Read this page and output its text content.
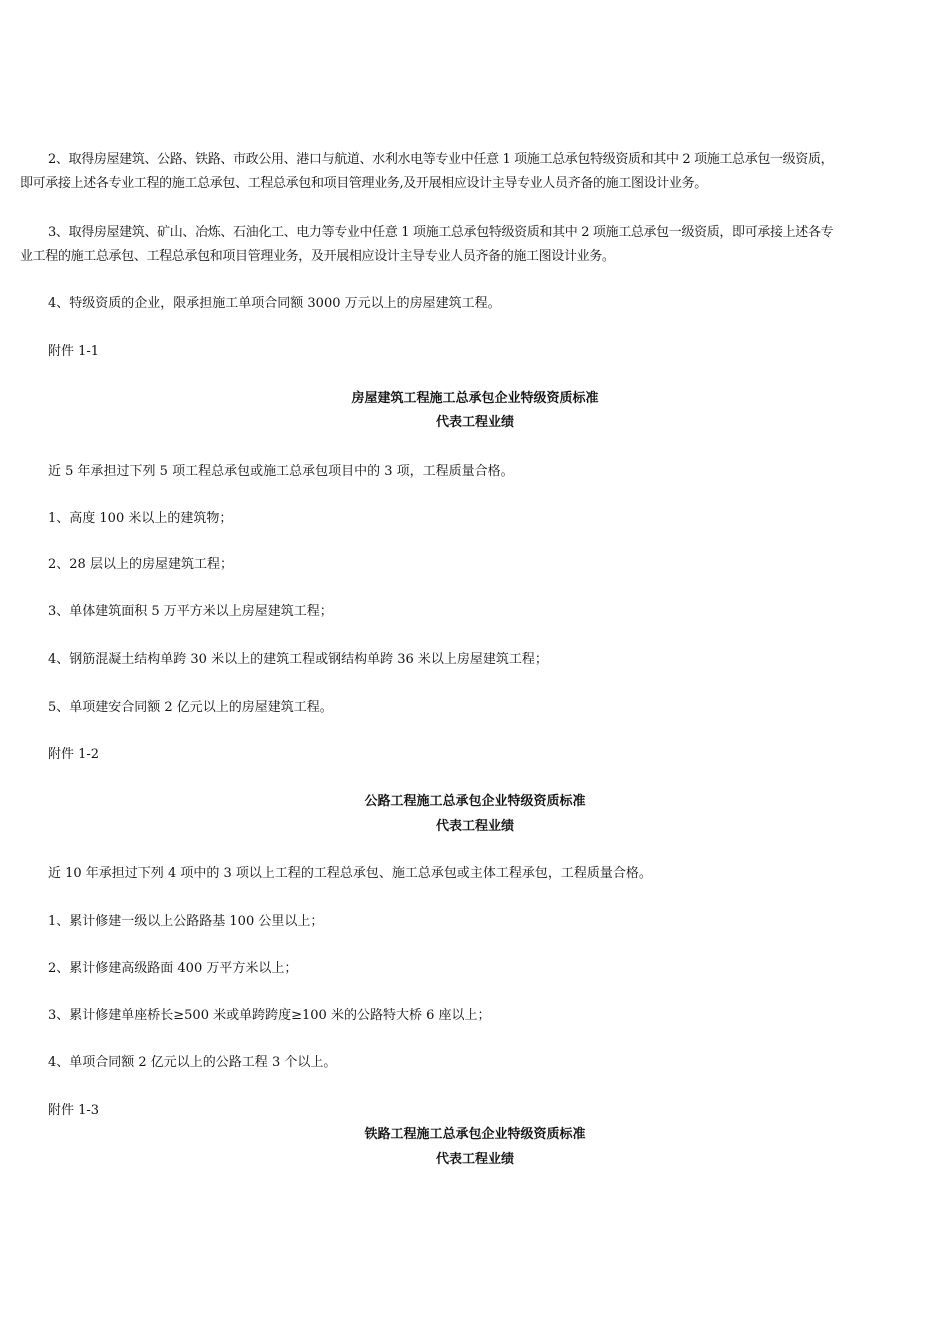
2、取得房屋建筑、公路、铁路、市政公用、港口与航道、水利水电等专业中任意 1 项施工总承包特级资质和其中 2 项施工总承包一级资质，
即可承接上述各专业工程的施工总承包、工程总承包和项目管理业务,及开展相应设计主导专业人员齐备的施工图设计业务。
3、取得房屋建筑、矿山、冶炼、石油化工、电力等专业中任意 1 项施工总承包特级资质和其中 2 项施工总承包一级资质，即可承接上述各专
业工程的施工总承包、工程总承包和项目管理业务，及开展相应设计主导专业人员齐备的施工图设计业务。
4、特级资质的企业，限承担施工单项合同额 3000 万元以上的房屋建筑工程。
附件 1-1
房屋建筑工程施工总承包企业特级资质标准
代表工程业绩
近 5 年承担过下列 5 项工程总承包或施工总承包项目中的 3 项，工程质量合格。
1、高度 100 米以上的建筑物；
2、28 层以上的房屋建筑工程；
3、单体建筑面积 5 万平方米以上房屋建筑工程；
4、钢筋混凝土结构单跨 30 米以上的建筑工程或钢结构单跨 36 米以上房屋建筑工程；
5、单项建安合同额 2 亿元以上的房屋建筑工程。
附件 1-2
公路工程施工总承包企业特级资质标准
代表工程业绩
近 10 年承担过下列 4 项中的 3 项以上工程的工程总承包、施工总承包或主体工程承包，工程质量合格。
1、累计修建一级以上公路路基 100 公里以上；
2、累计修建高级路面 400 万平方米以上；
3、累计修建单座桥长≥500 米或单跨跨度≥100 米的公路特大桥 6 座以上；
4、单项合同额 2 亿元以上的公路工程 3 个以上。
附件 1-3
铁路工程施工总承包企业特级资质标准
代表工程业绩
